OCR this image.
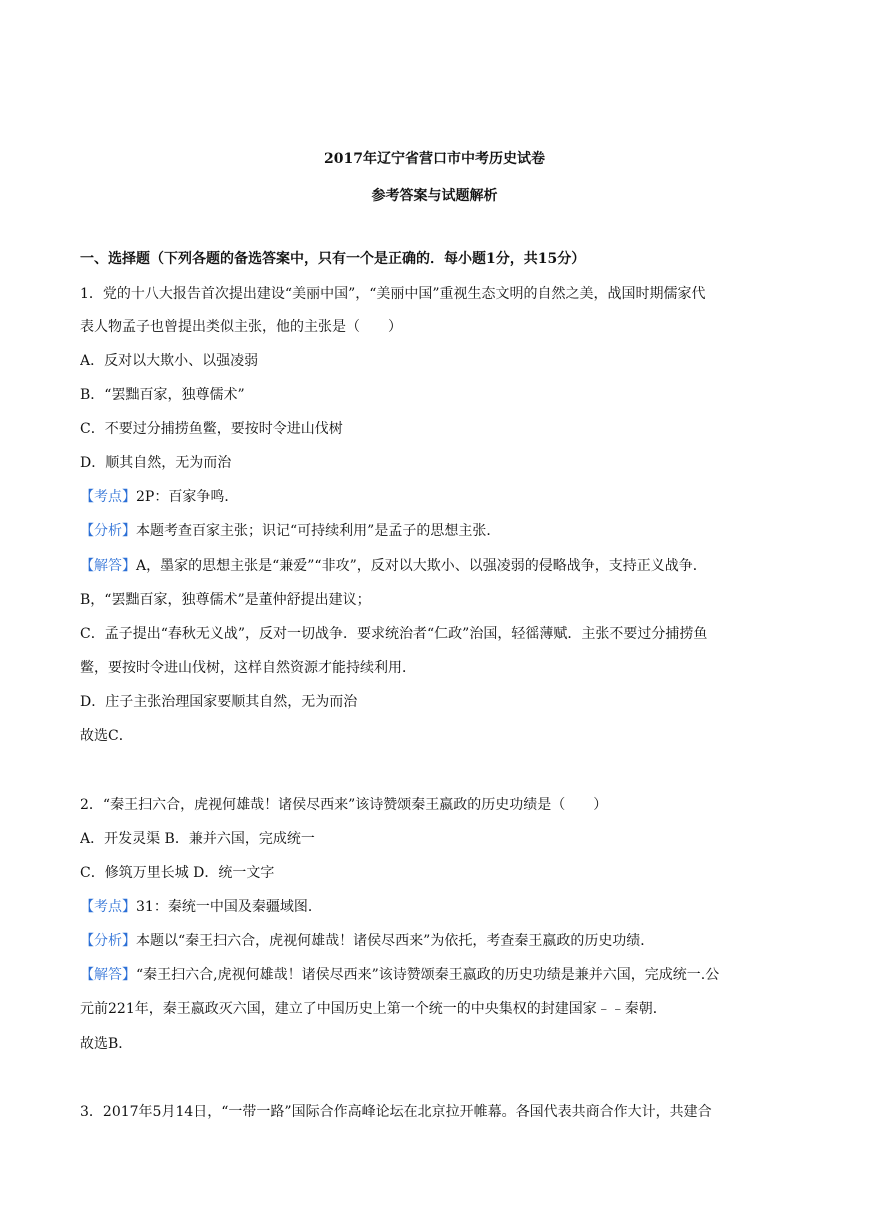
2017年辽宁省营口市中考历史试卷
参考答案与试题解析
一、选择题（下列各题的备选答案中，只有一个是正确的．每小题1分，共15分）
1．党的十八大报告首次提出建设“美丽中国”，“美丽中国”重视生态文明的自然之美，战国时期儒家代
表人物孟子也曾提出类似主张，他的主张是（　　）
A．反对以大欺小、以强凌弱
B．“罢黜百家，独尊儒术”
C．不要过分捕捞鱼鳖，要按时令进山伐树
D．顺其自然，无为而治
【考点】2P：百家争鸣．
【分析】本题考查百家主张；识记“可持续利用”是孟子的思想主张．
【解答】A，墨家的思想主张是“兼爱”“非攻”，反对以大欺小、以强凌弱的侵略战争，支持正义战争．
B，“罢黜百家，独尊儒术”是董仲舒提出建议；
C．孟子提出“春秋无义战”，反对一切战争．要求统治者“仁政”治国，轻徭薄赋．主张不要过分捕捞鱼
鳖，要按时令进山伐树，这样自然资源才能持续利用．
D．庄子主张治理国家要顺其自然，无为而治
故选C．
2．“秦王扫六合，虎视何雄哉！诸侯尽西来”该诗赞颂秦王嬴政的历史功绩是（　　）
A．开发灵渠 B．兼并六国，完成统一
C．修筑万里长城 D．统一文字
【考点】31：秦统一中国及秦疆域图．
【分析】本题以“秦王扫六合，虎视何雄哉！诸侯尽西来”为依托，考查秦王嬴政的历史功绩．
【解答】“秦王扫六合,虎视何雄哉！诸侯尽西来”该诗赞颂秦王嬴政的历史功绩是兼并六国，完成统一.公
元前221年，秦王嬴政灭六国，建立了中国历史上第一个统一的中央集权的封建国家﹣﹣秦朝．
故选B．
3．2017年5月14日，“一带一路”国际合作高峰论坛在北京拉开帷幕。各国代表共商合作大计，共建合
